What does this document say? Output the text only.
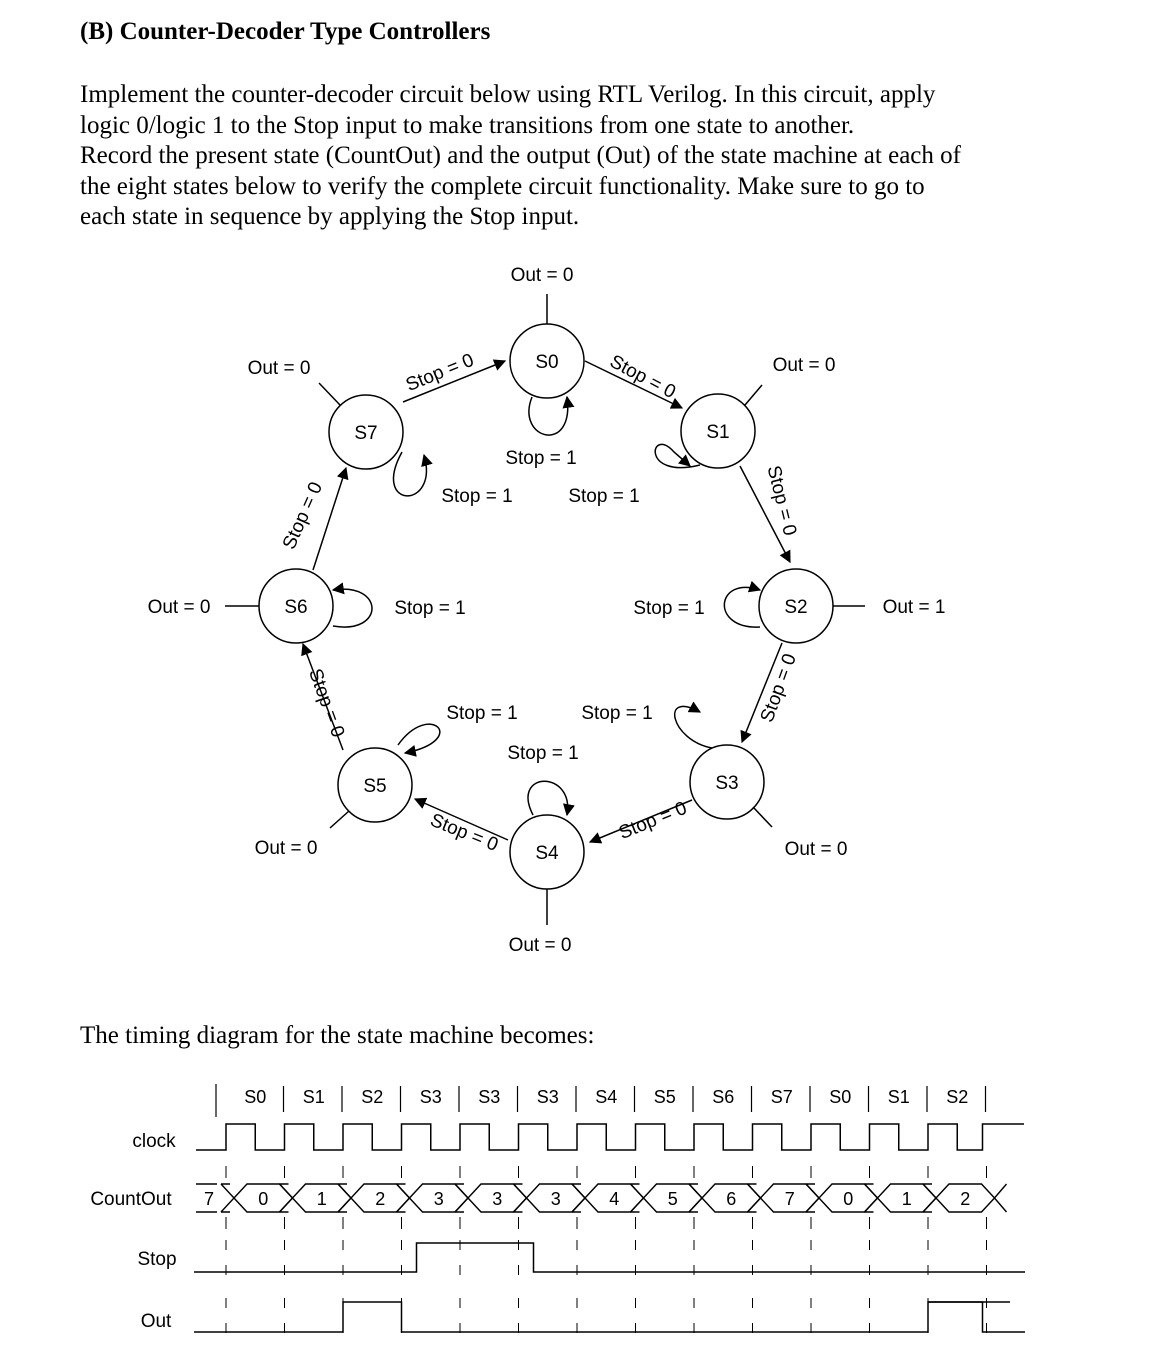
(B) Counter-Decoder Type Controllers
Implement the counter-decoder circuit below using RTL Verilog. In this circuit, apply
logic 0/logic 1 to the Stop input to make transitions from one state to another.
Record the present state (CountOut) and the output (Out) of the state machine at each of
the eight states below to verify the complete circuit functionality. Make sure to go to
each state in sequence by applying the Stop input.
S0
Out = 0
Stop = 1
S1
Out = 0
Stop = 1
S2	Out = 1
Stop = 1
S3
Out = 0
Stop = 1
S4
Out = 0
Stop = 1
S5
Out = 0
Stop = 1
S6
Out = 0	Stop = 1
S7
Out = 0
Stop = 1
Stop = 0
Stop = 0
Stop = 0
Stop = 0
Stop = 0
Stop = 0
Stop = 0
Stop = 0
The timing diagram for the state machine becomes:
clock
CountOut
Stop
Out
S0 S1 S2 S3 S3 S3 S4 S5 S6 S7 S0 S1 S2
7 0	1	2	3	3	3	4	5	6	7	0	1	2
